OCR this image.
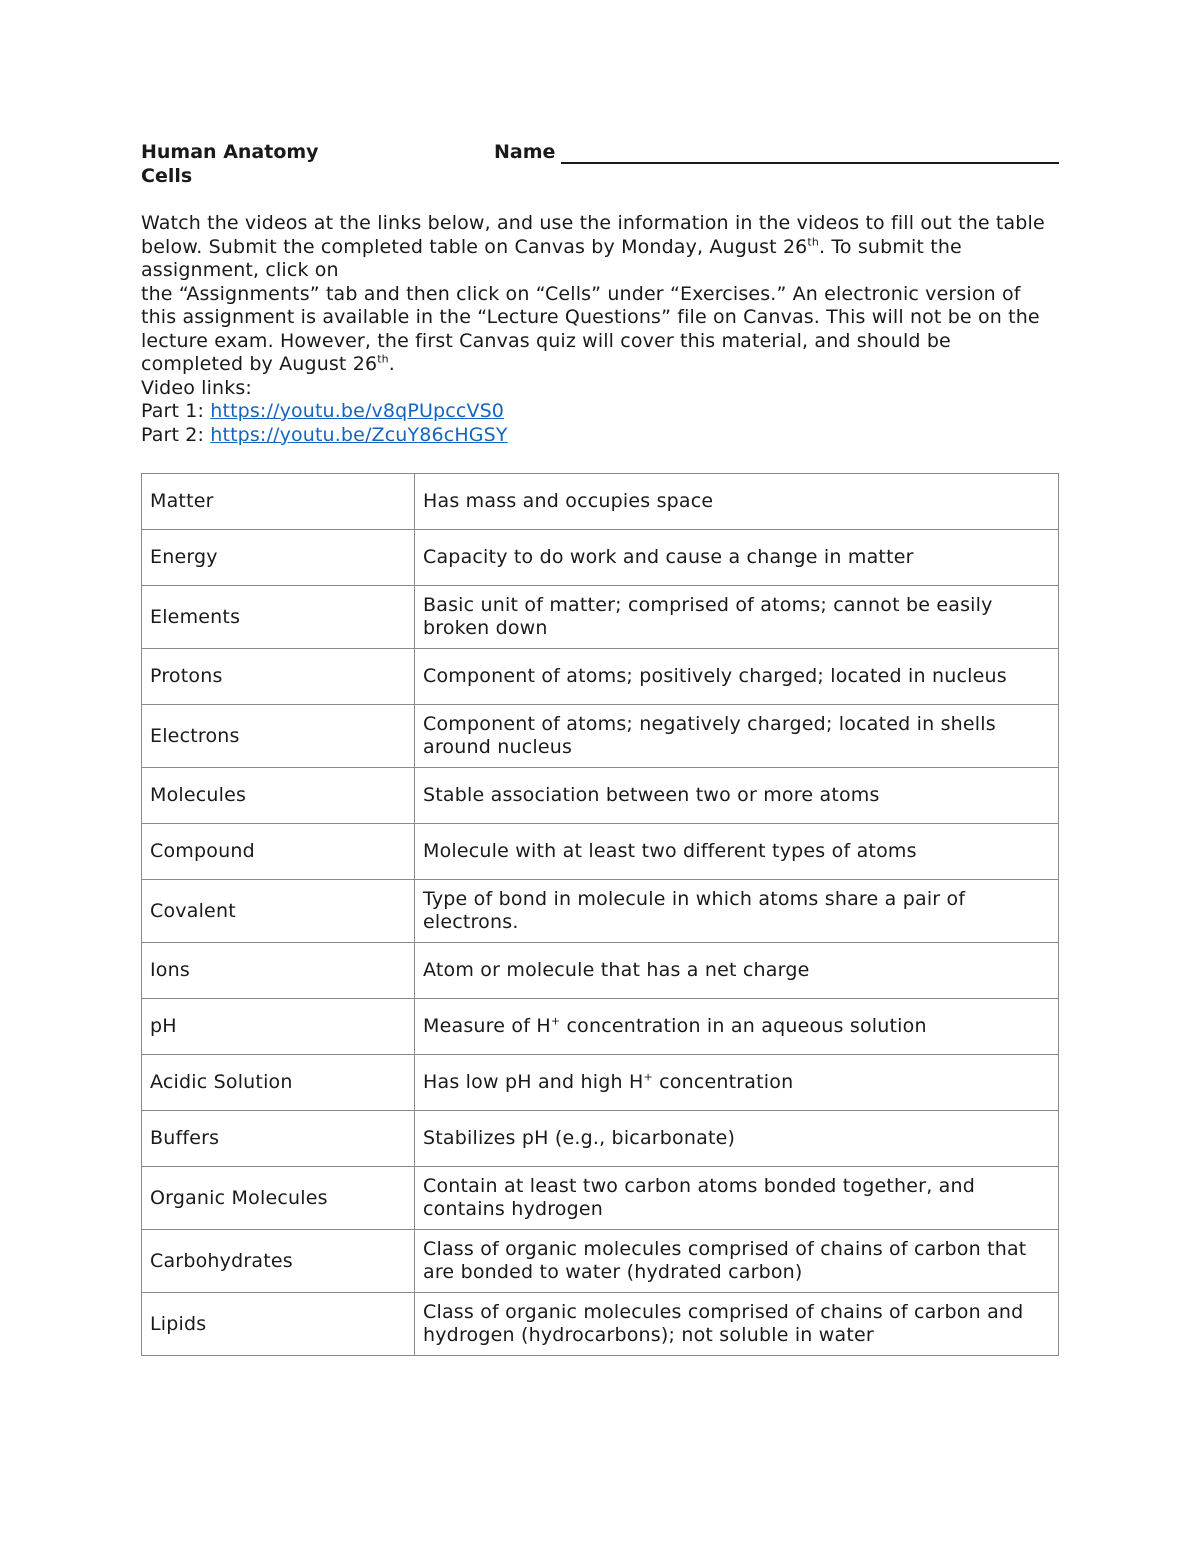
Human Anatomy
Cells
Name

Watch the videos at the links below, and use the information in the videos to fill out the table

below. Submit the completed table on Canvas by Monday, August 26th. To submit the

assignment, click on

the “Assignments” tab and then click on “Cells” under “Exercises.” An electronic version of

this assignment is available in the “Lecture Questions” file on Canvas. This will not be on the

lecture exam. However, the first Canvas quiz will cover this material, and should be

completed by August 26th.

Video links:

Part 1: https://youtu.be/v8qPUpccVS0

Part 2: https://youtu.be/ZcuY86cHGSY

Matter	Has mass and occupies space
Energy	Capacity to do work and cause a change in matter
Elements	Basic unit of matter; comprised of atoms; cannot be easily broken down
Protons	Component of atoms; positively charged; located in nucleus
Electrons	Component of atoms; negatively charged; located in shells around nucleus
Molecules	Stable association between two or more atoms
Compound	Molecule with at least two different types of atoms
Covalent	Type of bond in molecule in which atoms share a pair of electrons.
Ions	Atom or molecule that has a net charge
pH	Measure of H+ concentration in an aqueous solution
Acidic Solution	Has low pH and high H+ concentration
Buffers	Stabilizes pH (e.g., bicarbonate)
Organic Molecules	Contain at least two carbon atoms bonded together, and contains hydrogen
Carbohydrates	Class of organic molecules comprised of chains of carbon that are bonded to water (hydrated carbon)
Lipids	Class of organic molecules comprised of chains of carbon and hydrogen (hydrocarbons); not soluble in water
